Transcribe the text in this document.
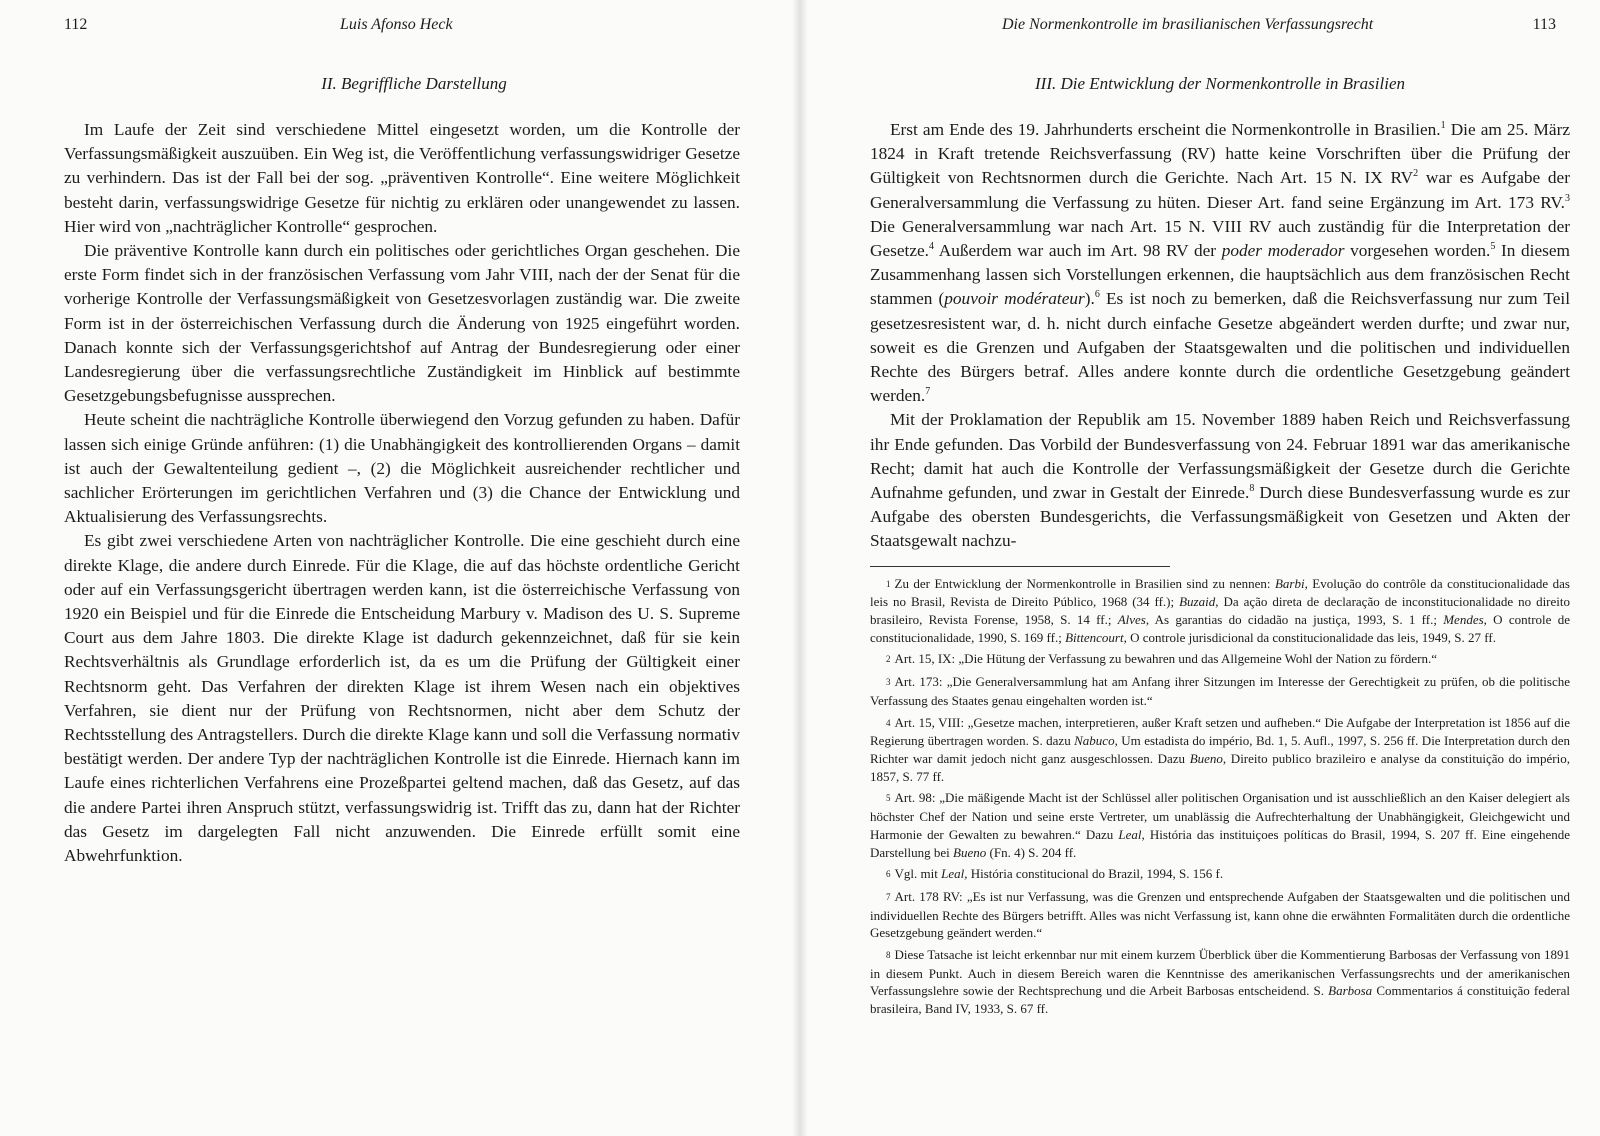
112	Luis Afonso Heck
II. Begriffliche Darstellung

Im Laufe der Zeit sind verschiedene Mittel eingesetzt worden, um die Kontrolle der Verfassungsmäßigkeit auszuüben. Ein Weg ist, die Veröffentlichung verfassungswidriger Gesetze zu verhindern. Das ist der Fall bei der sog. „präventiven Kontrolle“. Eine weitere Möglichkeit besteht darin, verfassungswidrige Gesetze für nichtig zu erklären oder unangewendet zu lassen. Hier wird von „nachträglicher Kontrolle“ gesprochen.

Die präventive Kontrolle kann durch ein politisches oder gerichtliches Organ geschehen. Die erste Form findet sich in der französischen Verfassung vom Jahr VIII, nach der der Senat für die vorherige Kontrolle der Verfassungsmäßigkeit von Gesetzesvorlagen zuständig war. Die zweite Form ist in der österreichischen Verfassung durch die Änderung von 1925 eingeführt worden. Danach konnte sich der Verfassungsgerichtshof auf Antrag der Bundesregierung oder einer Landesregierung über die verfassungsrechtliche Zuständigkeit im Hinblick auf bestimmte Gesetzgebungsbefugnisse aussprechen.

Heute scheint die nachträgliche Kontrolle überwiegend den Vorzug gefunden zu haben. Dafür lassen sich einige Gründe anführen: (1) die Unabhängigkeit des kontrollierenden Organs – damit ist auch der Gewaltenteilung gedient –, (2) die Möglichkeit ausreichender rechtlicher und sachlicher Erörterungen im gerichtlichen Verfahren und (3) die Chance der Entwicklung und Aktualisierung des Verfassungsrechts.

Es gibt zwei verschiedene Arten von nachträglicher Kontrolle. Die eine geschieht durch eine direkte Klage, die andere durch Einrede. Für die Klage, die auf das höchste ordentliche Gericht oder auf ein Verfassungsgericht übertragen werden kann, ist die österreichische Verfassung von 1920 ein Beispiel und für die Einrede die Entscheidung Marbury v. Madison des U. S. Supreme Court aus dem Jahre 1803. Die direkte Klage ist dadurch gekennzeichnet, daß für sie kein Rechtsverhältnis als Grundlage erforderlich ist, da es um die Prüfung der Gültigkeit einer Rechtsnorm geht. Das Verfahren der direkten Klage ist ihrem Wesen nach ein objektives Verfahren, sie dient nur der Prüfung von Rechtsnormen, nicht aber dem Schutz der Rechtsstellung des Antragstellers. Durch die direkte Klage kann und soll die Verfassung normativ bestätigt werden. Der andere Typ der nachträglichen Kontrolle ist die Einrede. Hiernach kann im Laufe eines richterlichen Verfahrens eine Prozeßpartei geltend machen, daß das Gesetz, auf das die andere Partei ihren Anspruch stützt, verfassungswidrig ist. Trifft das zu, dann hat der Richter das Gesetz im dargelegten Fall nicht anzuwenden. Die Einrede erfüllt somit eine Abwehrfunktion.

Die Normenkontrolle im brasilianischen Verfassungsrecht	113
III. Die Entwicklung der Normenkontrolle in Brasilien

Erst am Ende des 19. Jahrhunderts erscheint die Normenkontrolle in Brasilien.$^1$ Die am 25. März 1824 in Kraft tretende Reichsverfassung (RV) hatte keine Vorschriften über die Prüfung der Gültigkeit von Rechtsnormen durch die Gerichte. Nach Art. 15 N. IX $RV^2$ war es Aufgabe der Generalversammlung die Verfassung zu hüten. Dieser Art. fand seine Ergänzung im Art. 173 RV.$^3$ Die Generalversammlung war nach Art. 15 N. VIII RV auch zuständig für die Interpretation der Gesetze.$^4$ Außerdem war auch im Art. 98 RV der poder moderador vorgesehen worden.$^5$ In diesem Zusammenhang lassen sich Vorstellungen erkennen, die hauptsächlich aus dem französischen Recht stammen (pouvoir modérateur).$^6$ Es ist noch zu bemerken, daß die Reichsverfassung nur zum Teil gesetzesresistent war, d. h. nicht durch einfache Gesetze abgeändert werden durfte; und zwar nur, soweit es die Grenzen und Aufgaben der Staatsgewalten und die politischen und individuellen Rechte des Bürgers betraf. Alles andere konnte durch die ordentliche Gesetzgebung geändert werden.$^7$

Mit der Proklamation der Republik am 15. November 1889 haben Reich und Reichsverfassung ihr Ende gefunden. Das Vorbild der Bundesverfassung von 24. Februar 1891 war das amerikanische Recht; damit hat auch die Kontrolle der Verfassungsmäßigkeit der Gesetze durch die Gerichte Aufnahme gefunden, und zwar in Gestalt der Einrede.$^8$ Durch diese Bundesverfassung wurde es zur Aufgabe des obersten Bundesgerichts, die Verfassungsmäßigkeit von Gesetzen und Akten der Staatsgewalt nachzu-

1 Zu der Entwicklung der Normenkontrolle in Brasilien sind zu nennen: Barbi, Evolução do contrôle da constitucionalidade das leis no Brasil, Revista de Direito Público, 1968 (34 ff.); Buzaid, Da ação direta de declaração de inconstitucionalidade no direito brasileiro, Revista Forense, 1958, S. 14 ff.; Alves, As garantias do cidadão na justiça, 1993, S. 1 ff.; Mendes, O controle de constitucionalidade, 1990, S. 169 ff.; Bittencourt, O controle jurisdicional da constitucionalidade das leis, 1949, S. 27 ff.

2 Art. 15, IX: „Die Hütung der Verfassung zu bewahren und das Allgemeine Wohl der Nation zu fördern.“

3 Art. 173: „Die Generalversammlung hat am Anfang ihrer Sitzungen im Interesse der Gerechtigkeit zu prüfen, ob die politische Verfassung des Staates genau eingehalten worden ist.“

4 Art. 15, VIII: „Gesetze machen, interpretieren, außer Kraft setzen und aufheben.“ Die Aufgabe der Interpretation ist 1856 auf die Regierung übertragen worden. S. dazu Nabuco, Um estadista do império, Bd. 1, 5. Aufl., 1997, S. 256 ff. Die Interpretation durch den Richter war damit jedoch nicht ganz ausgeschlossen. Dazu Bueno, Direito publico brazileiro e analyse da constituição do império, 1857, S. 77 ff.

5 Art. 98: „Die mäßigende Macht ist der Schlüssel aller politischen Organisation und ist ausschließlich an den Kaiser delegiert als höchster Chef der Nation und seine erste Vertreter, um unablässig die Aufrechterhaltung der Unabhängigkeit, Gleichgewicht und Harmonie der Gewalten zu bewahren.“ Dazu Leal, História das instituiçoes políticas do Brasil, 1994, S. 207 ff. Eine eingehende Darstellung bei Bueno (Fn. 4) S. 204 ff.

6 Vgl. mit Leal, História constitucional do Brazil, 1994, S. 156 f.

7 Art. 178 RV: „Es ist nur Verfassung, was die Grenzen und entsprechende Aufgaben der Staatsgewalten und die politischen und individuellen Rechte des Bürgers betrifft. Alles was nicht Verfassung ist, kann ohne die erwähnten Formalitäten durch die ordentliche Gesetzgebung geändert werden.“

8 Diese Tatsache ist leicht erkennbar nur mit einem kurzem Überblick über die Kommentierung Barbosas der Verfassung von 1891 in diesem Punkt. Auch in diesem Bereich waren die Kenntnisse des amerikanischen Verfassungsrechts und der amerikanischen Verfassungslehre sowie der Rechtsprechung und die Arbeit Barbosas entscheidend. S. Barbosa Commentarios á constituição federal brasileira, Band IV, 1933, S. 67 ff.
